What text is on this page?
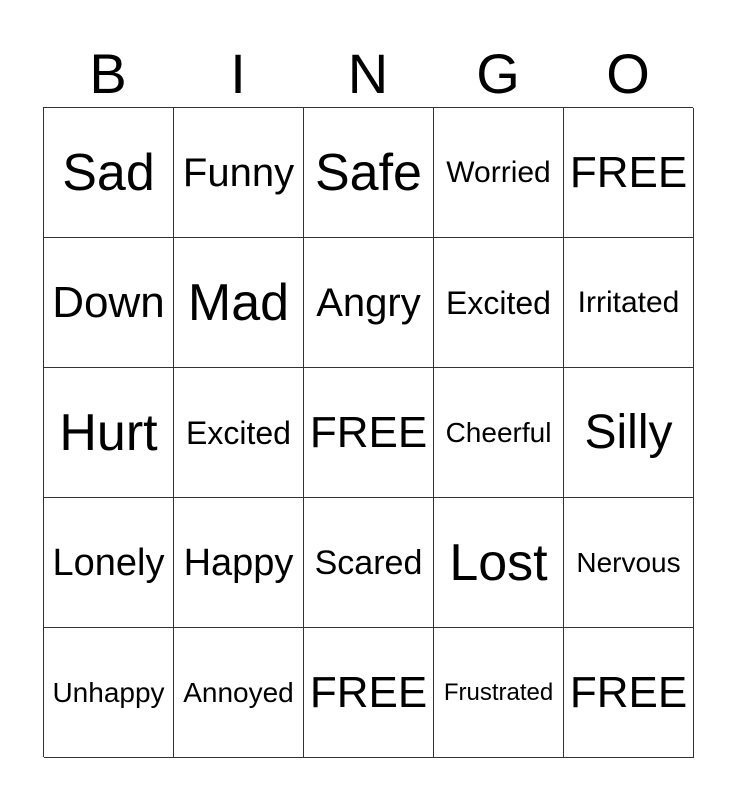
B	I	N	G	O
Sad Funny Safe Worried FREE
Down Mad Angry Excited Irritated
Hurt Excited FREE Cheerful Silly
Lonely Happy Scared Lost	Nervous
Unhappy Annoyed FREE Frustrated FREE
